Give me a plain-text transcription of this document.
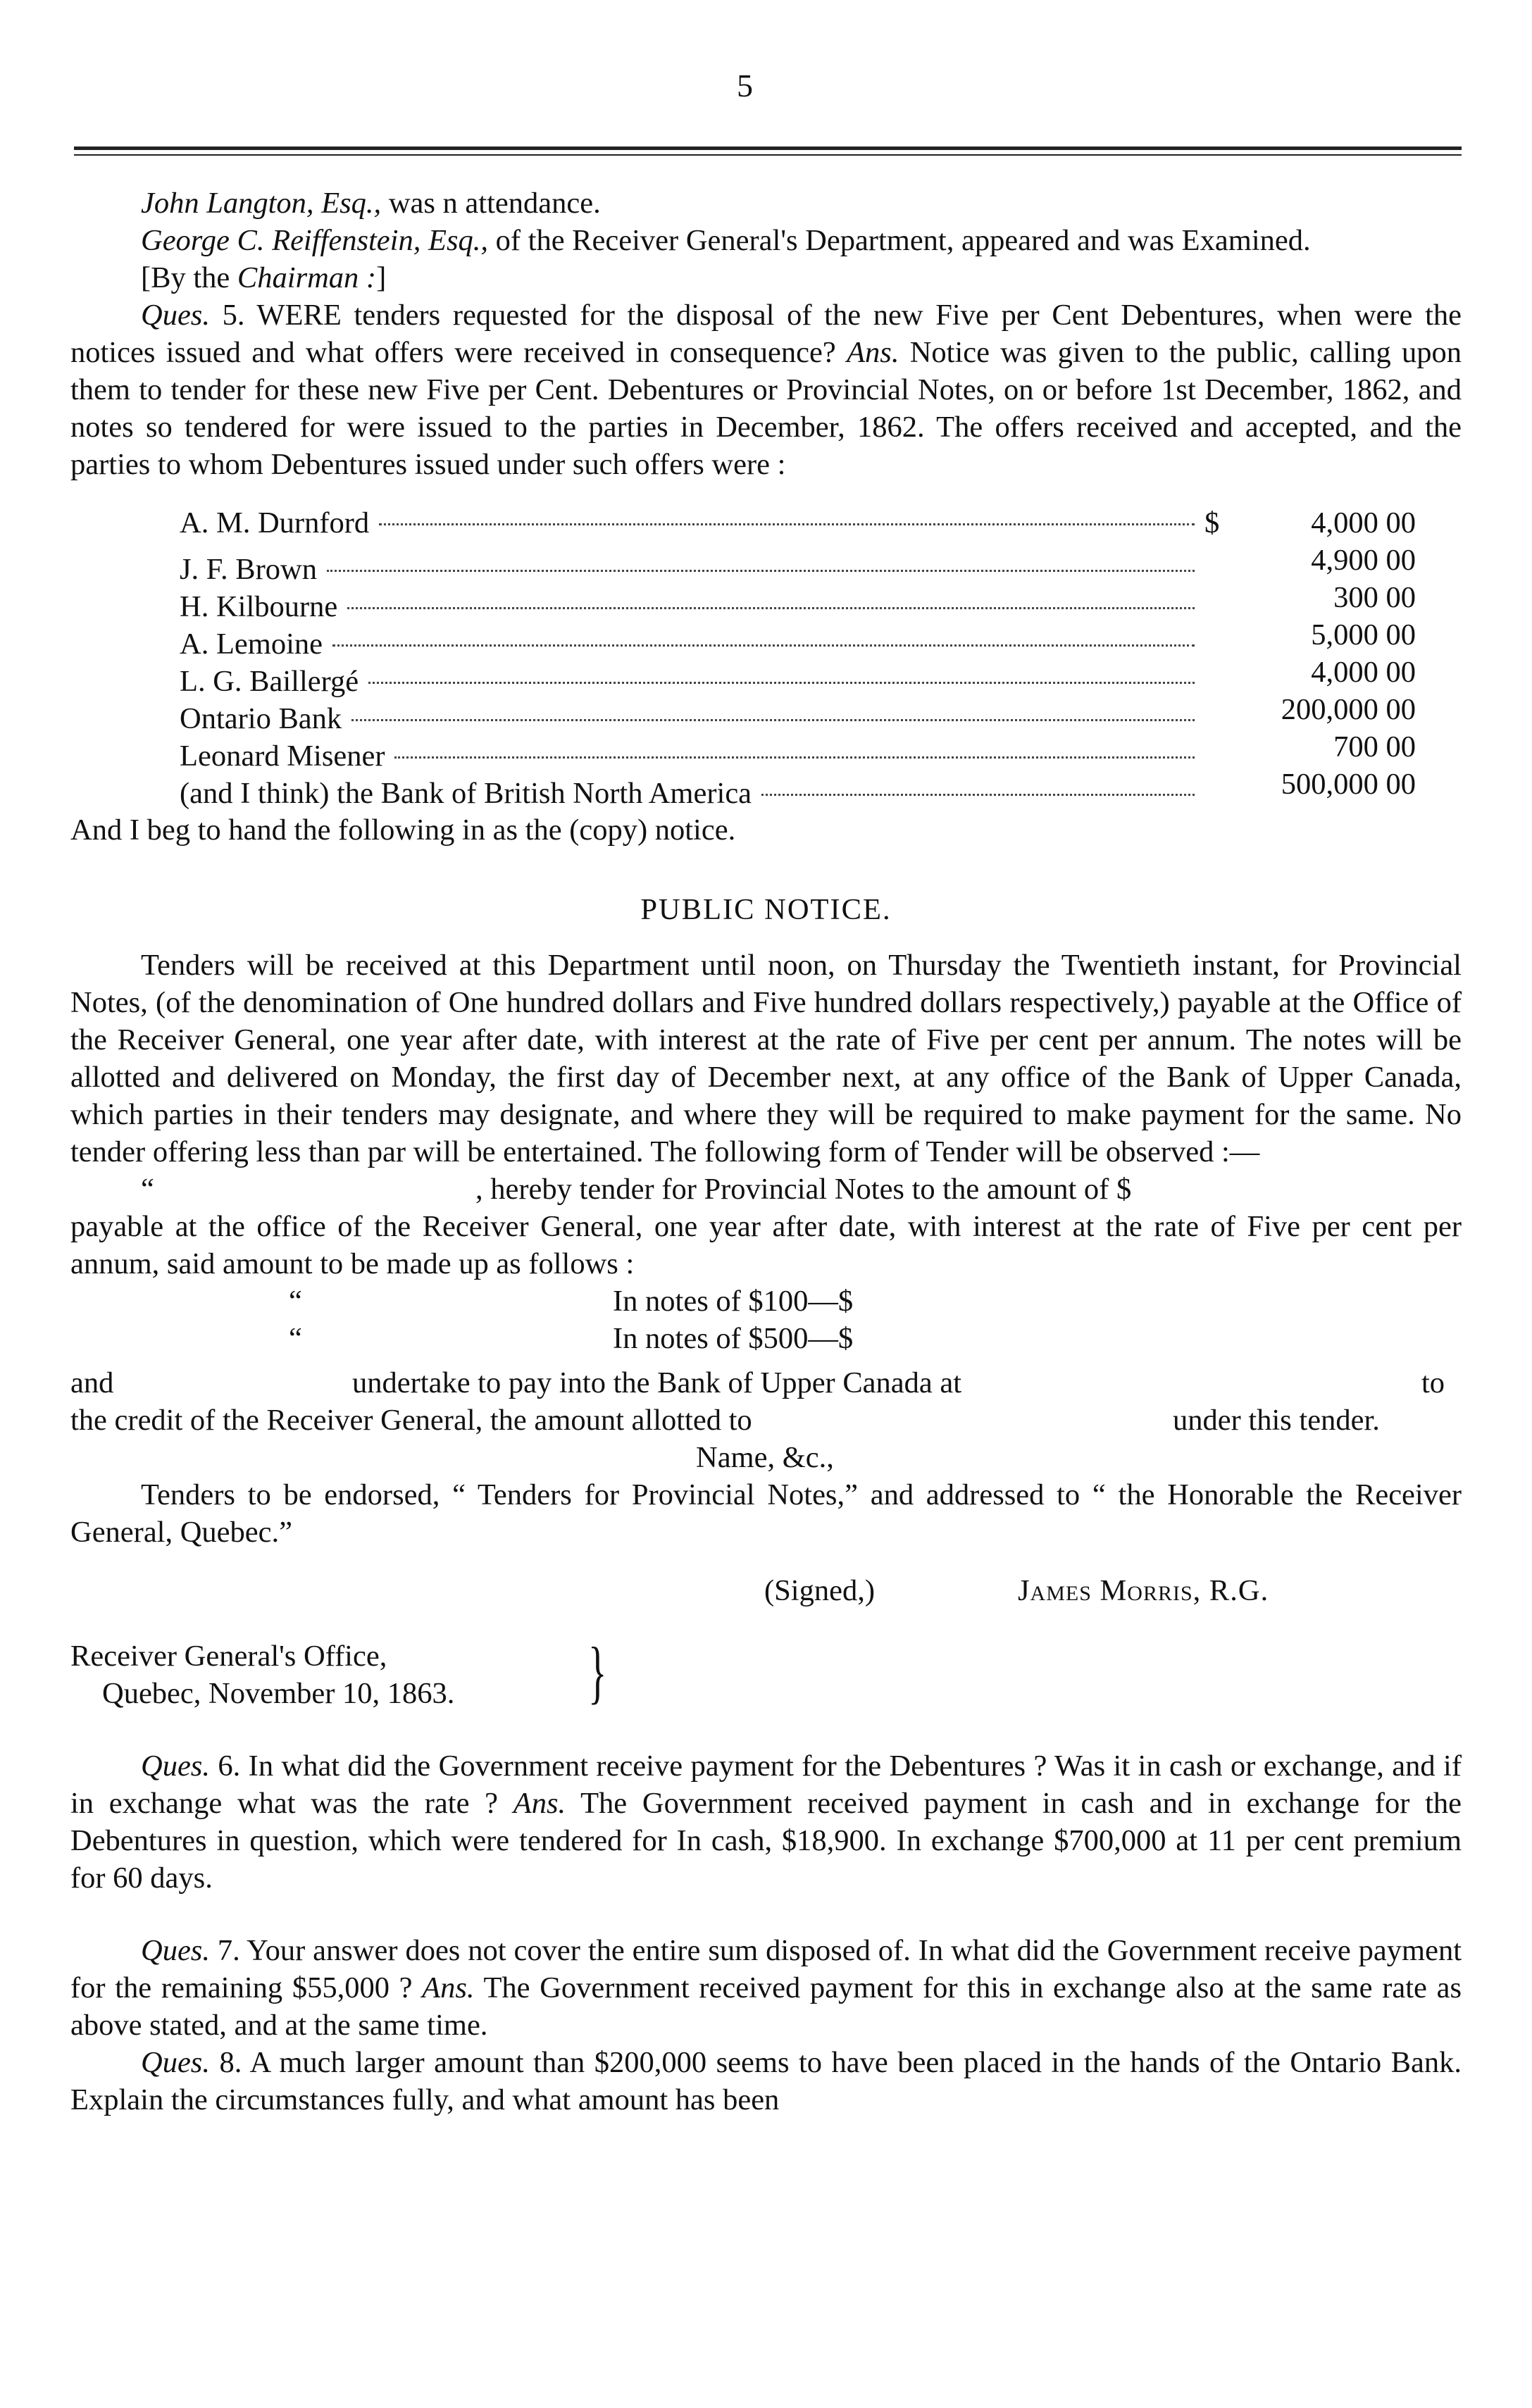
5

John Langton, Esq., was n attendance.

George C. Reiffenstein, Esq., of the Receiver General's Department, appeared and was Examined.

[By the Chairman :]

Ques. 5. WERE tenders requested for the disposal of the new Five per Cent Debentures, when were the notices issued and what offers were received in consequence? Ans. Notice was given to the public, calling upon them to tender for these new Five per Cent. Debentures or Provincial Notes, on or before 1st December, 1862, and notes so tendered for were issued to the parties in December, 1862. The offers received and accepted, and the parties to whom Debentures issued under such offers were :

A. M. Durnford	$	4,000 00
J. F. Brown	4,900 00
H. Kilbourne	300 00
A. Lemoine	5,000 00
L. G. Baillergé	4,000 00
Ontario Bank	200,000 00
Leonard Misener	700 00
(and I think) the Bank of British North America	500,000 00

And I beg to hand the following in as the (copy) notice.

PUBLIC NOTICE.

Tenders will be received at this Department until noon, on Thursday the Twentieth instant, for Provincial Notes, (of the denomination of One hundred dollars and Five hundred dollars respectively,) payable at the Office of the Receiver General, one year after date, with interest at the rate of Five per cent per annum. The notes will be allotted and delivered on Monday, the first day of December next, at any office of the Bank of Upper Canada, which parties in their tenders may designate, and where they will be required to make payment for the same. No tender offering less than par will be entertained. The following form of Tender will be observed :—

“	, hereby tender for Provincial Notes to the amount of $

payable at the office of the Receiver General, one year after date, with interest at the rate of Five per cent per annum, said amount to be made up as follows :

“	In notes of $100—$
“	In notes of $500—$
and	undertake to pay into the Bank of Upper Canada at	to
the credit of the Receiver General, the amount allotted to	under this tender.
Name, &c.,

Tenders to be endorsed, “ Tenders for Provincial Notes,” and addressed to “ the Honorable the Receiver General, Quebec.”

(Signed,)	James Morris, R.G.
Receiver General's Office,
Quebec, November 10, 1863. }

Ques. 6. In what did the Government receive payment for the Debentures ? Was it in cash or exchange, and if in exchange what was the rate ? Ans. The Government received payment in cash and in exchange for the Debentures in question, which were tendered for In cash, $18,900. In exchange $700,000 at 11 per cent premium for 60 days.

Ques. 7. Your answer does not cover the entire sum disposed of. In what did the Government receive payment for the remaining $55,000 ? Ans. The Government received payment for this in exchange also at the same rate as above stated, and at the same time.

Ques. 8. A much larger amount than $200,000 seems to have been placed in the hands of the Ontario Bank. Explain the circumstances fully, and what amount has been
